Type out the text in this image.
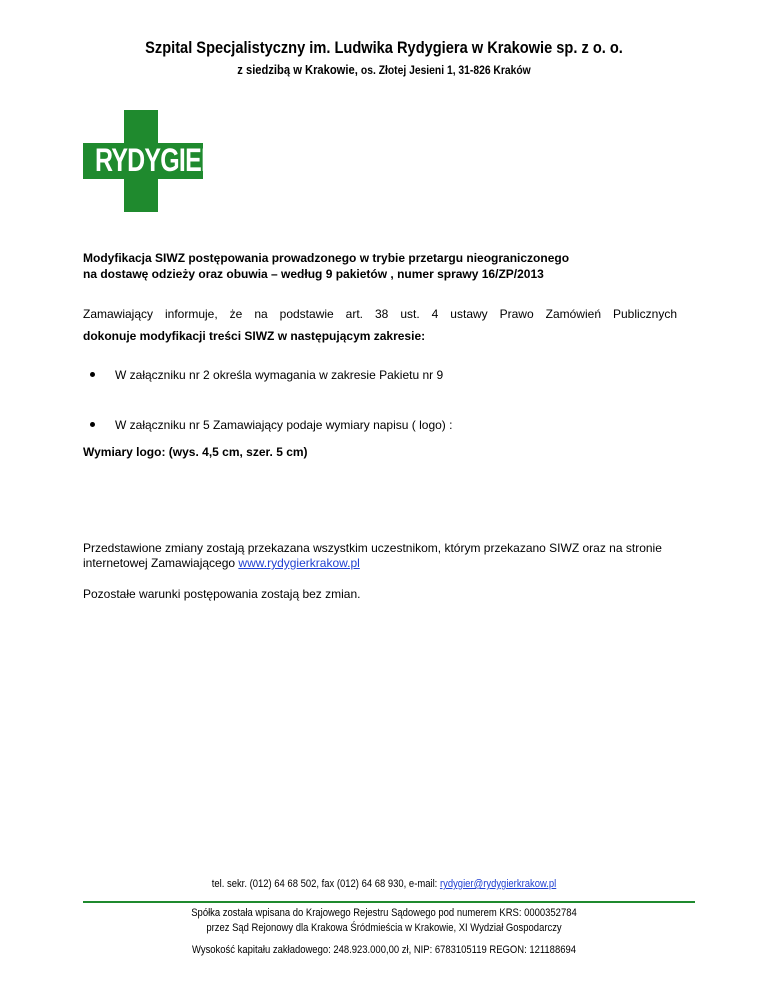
Szpital Specjalistyczny im. Ludwika Rydygiera w Krakowie sp. z o. o.
z siedzibą w Krakowie, os. Złotej Jesieni 1, 31-826 Kraków
LUDWIK RYDYGIER
Modyfikacja SIWZ postępowania prowadzonego w trybie przetargu nieograniczonego
na dostawę odzieży oraz obuwia – według 9 pakietów , numer sprawy 16/ZP/2013
Zamawiający informuje, że na podstawie art. 38 ust. 4 ustawy Prawo Zamówień Publicznych
dokonuje modyfikacji treści SIWZ w następującym zakresie:
W załączniku nr 2 określa wymagania w zakresie Pakietu nr 9
W załączniku nr 5 Zamawiający podaje wymiary napisu ( logo) :
Wymiary logo: (wys. 4,5 cm, szer. 5 cm)
Przedstawione zmiany zostają przekazana wszystkim uczestnikom, którym przekazano SIWZ oraz na stronie internetowej Zamawiającego www.rydygierkrakow.pl
Pozostałe warunki postępowania zostają bez zmian.
tel. sekr. (012) 64 68 502, fax (012) 64 68 930, e-mail: rydygier@rydygierkrakow.pl
Spółka została wpisana do Krajowego Rejestru Sądowego pod numerem KRS: 0000352784
przez Sąd Rejonowy dla Krakowa Śródmieścia w Krakowie, XI Wydział Gospodarczy
Wysokość kapitału zakładowego: 248.923.000,00 zł, NIP: 6783105119 REGON: 121188694
